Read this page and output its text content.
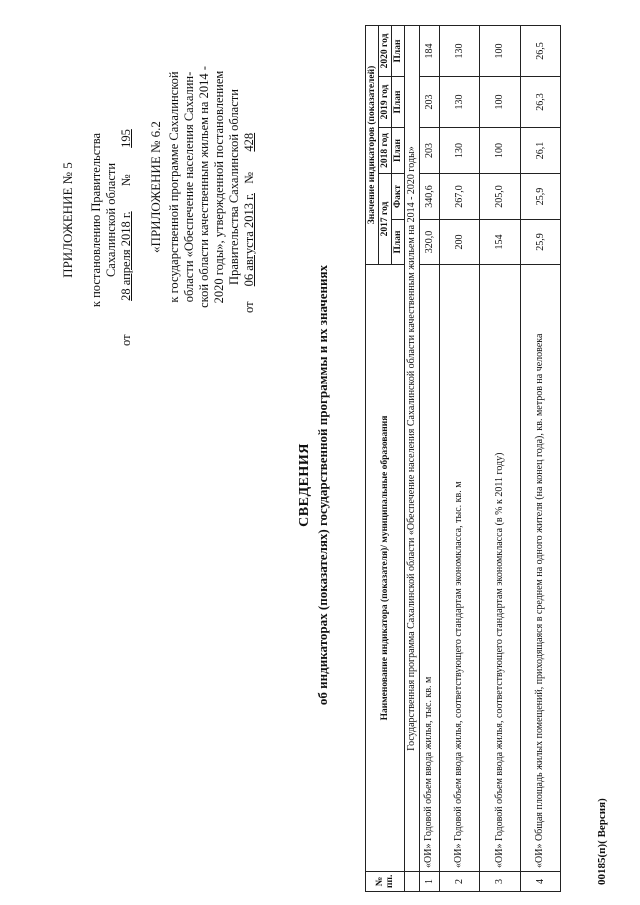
ПРИЛОЖЕНИЕ № 5 к постановлению Правительства Сахалинской области
от 28 апреля 2018 г. № 195 «ПРИЛОЖЕНИЕ № 6.2 к государственной программе Сахалинской области «Обеспечение населения Сахалин- ской области качественным жильем на 2014 - 2020 годы», утвержденной постановлением Правительства Сахалинской области
от 06 августа 2013 г. № 428
СВЕДЕНИЯ об индикаторах (показателях) государственной программы и их значениях
№ пп.	Наименование индикатора (показателя)/ муниципальные образования	Значение индикаторов (показателей)				
		2017 год		2018 год	2019 год	2020 год
		План	Факт	План	План	План
	Государственная программа Сахалинской области «Обеспечение населения Сахалинской области качественным жильем на 2014 - 2020 годы»					
1	«ОИ» Годовой объем ввода жилья, тыс. кв. м	320,0	340,6	203	203	184
2	«ОИ» Годовой объем ввода жилья, соответствующего стандартам экономкласса, тыс. кв. м	200	267,0	130	130	130
3	«ОИ» Годовой объем ввода жилья, соответствующего стандартам экономкласса (в % к 2011 году)	154	205,0	100	100	100
4	«ОИ» Общая площадь жилых помещений, приходящаяся в среднем на одного жителя (на конец года), кв. метров на человека	25,9	25,9	26,1	26,3	26,5
00185(п)( Версия)
